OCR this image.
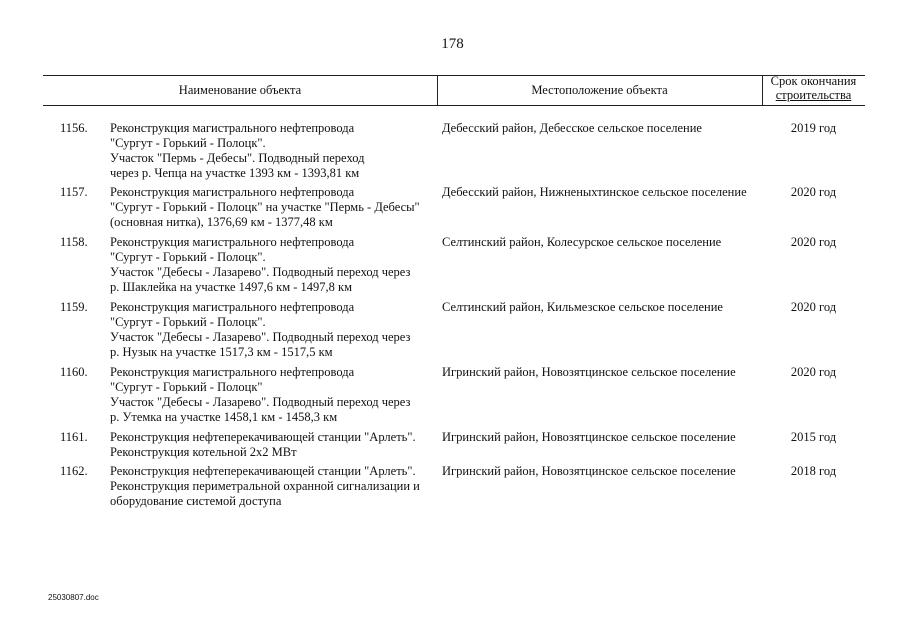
178
Наименование объекта	Местоположение объекта
Срок окончания
строительства
1156.	Реконструкция магистрального нефтепровода
"Сургут - Горький - Полоцк".
Участок "Пермь - Дебесы". Подводный переход
через р. Чепца на участке 1393 км - 1393,81 км
Дебесский район, Дебесское сельское поселение	2019 год
1157.	Реконструкция магистрального нефтепровода
"Сургут - Горький - Полоцк" на участке "Пермь - Дебесы"
(основная нитка), 1376,69 км - 1377,48 км
Дебесский район, Нижненыхтинское сельское поселение	2020 год
1158.	Реконструкция магистрального нефтепровода
"Сургут - Горький - Полоцк".
Участок "Дебесы - Лазарево". Подводный переход через
р. Шаклейка на участке 1497,6 км - 1497,8 км
Селтинский район, Колесурское сельское поселение	2020 год
1159.	Реконструкция магистрального нефтепровода
"Сургут - Горький - Полоцк".
Участок "Дебесы - Лазарево". Подводный переход через
р. Нузык на участке 1517,3 км - 1517,5 км
Селтинский район, Кильмезское сельское поселение	2020 год
1160.	Реконструкция магистрального нефтепровода
"Сургут - Горький - Полоцк"
Участок "Дебесы - Лазарево". Подводный переход через
р. Утемка на участке 1458,1 км - 1458,3 км
Игринский район, Новозятцинское сельское поселение	2020 год
1161.	Реконструкция нефтеперекачивающей станции "Арлеть".
Реконструкция котельной 2х2 МВт
Игринский район, Новозятцинское сельское поселение	2015 год
1162.	Реконструкция нефтеперекачивающей станции "Арлеть".
Реконструкция периметральной охранной сигнализации и
оборудование системой доступа
Игринский район, Новозятцинское сельское поселение	2018 год
25030807.doc
